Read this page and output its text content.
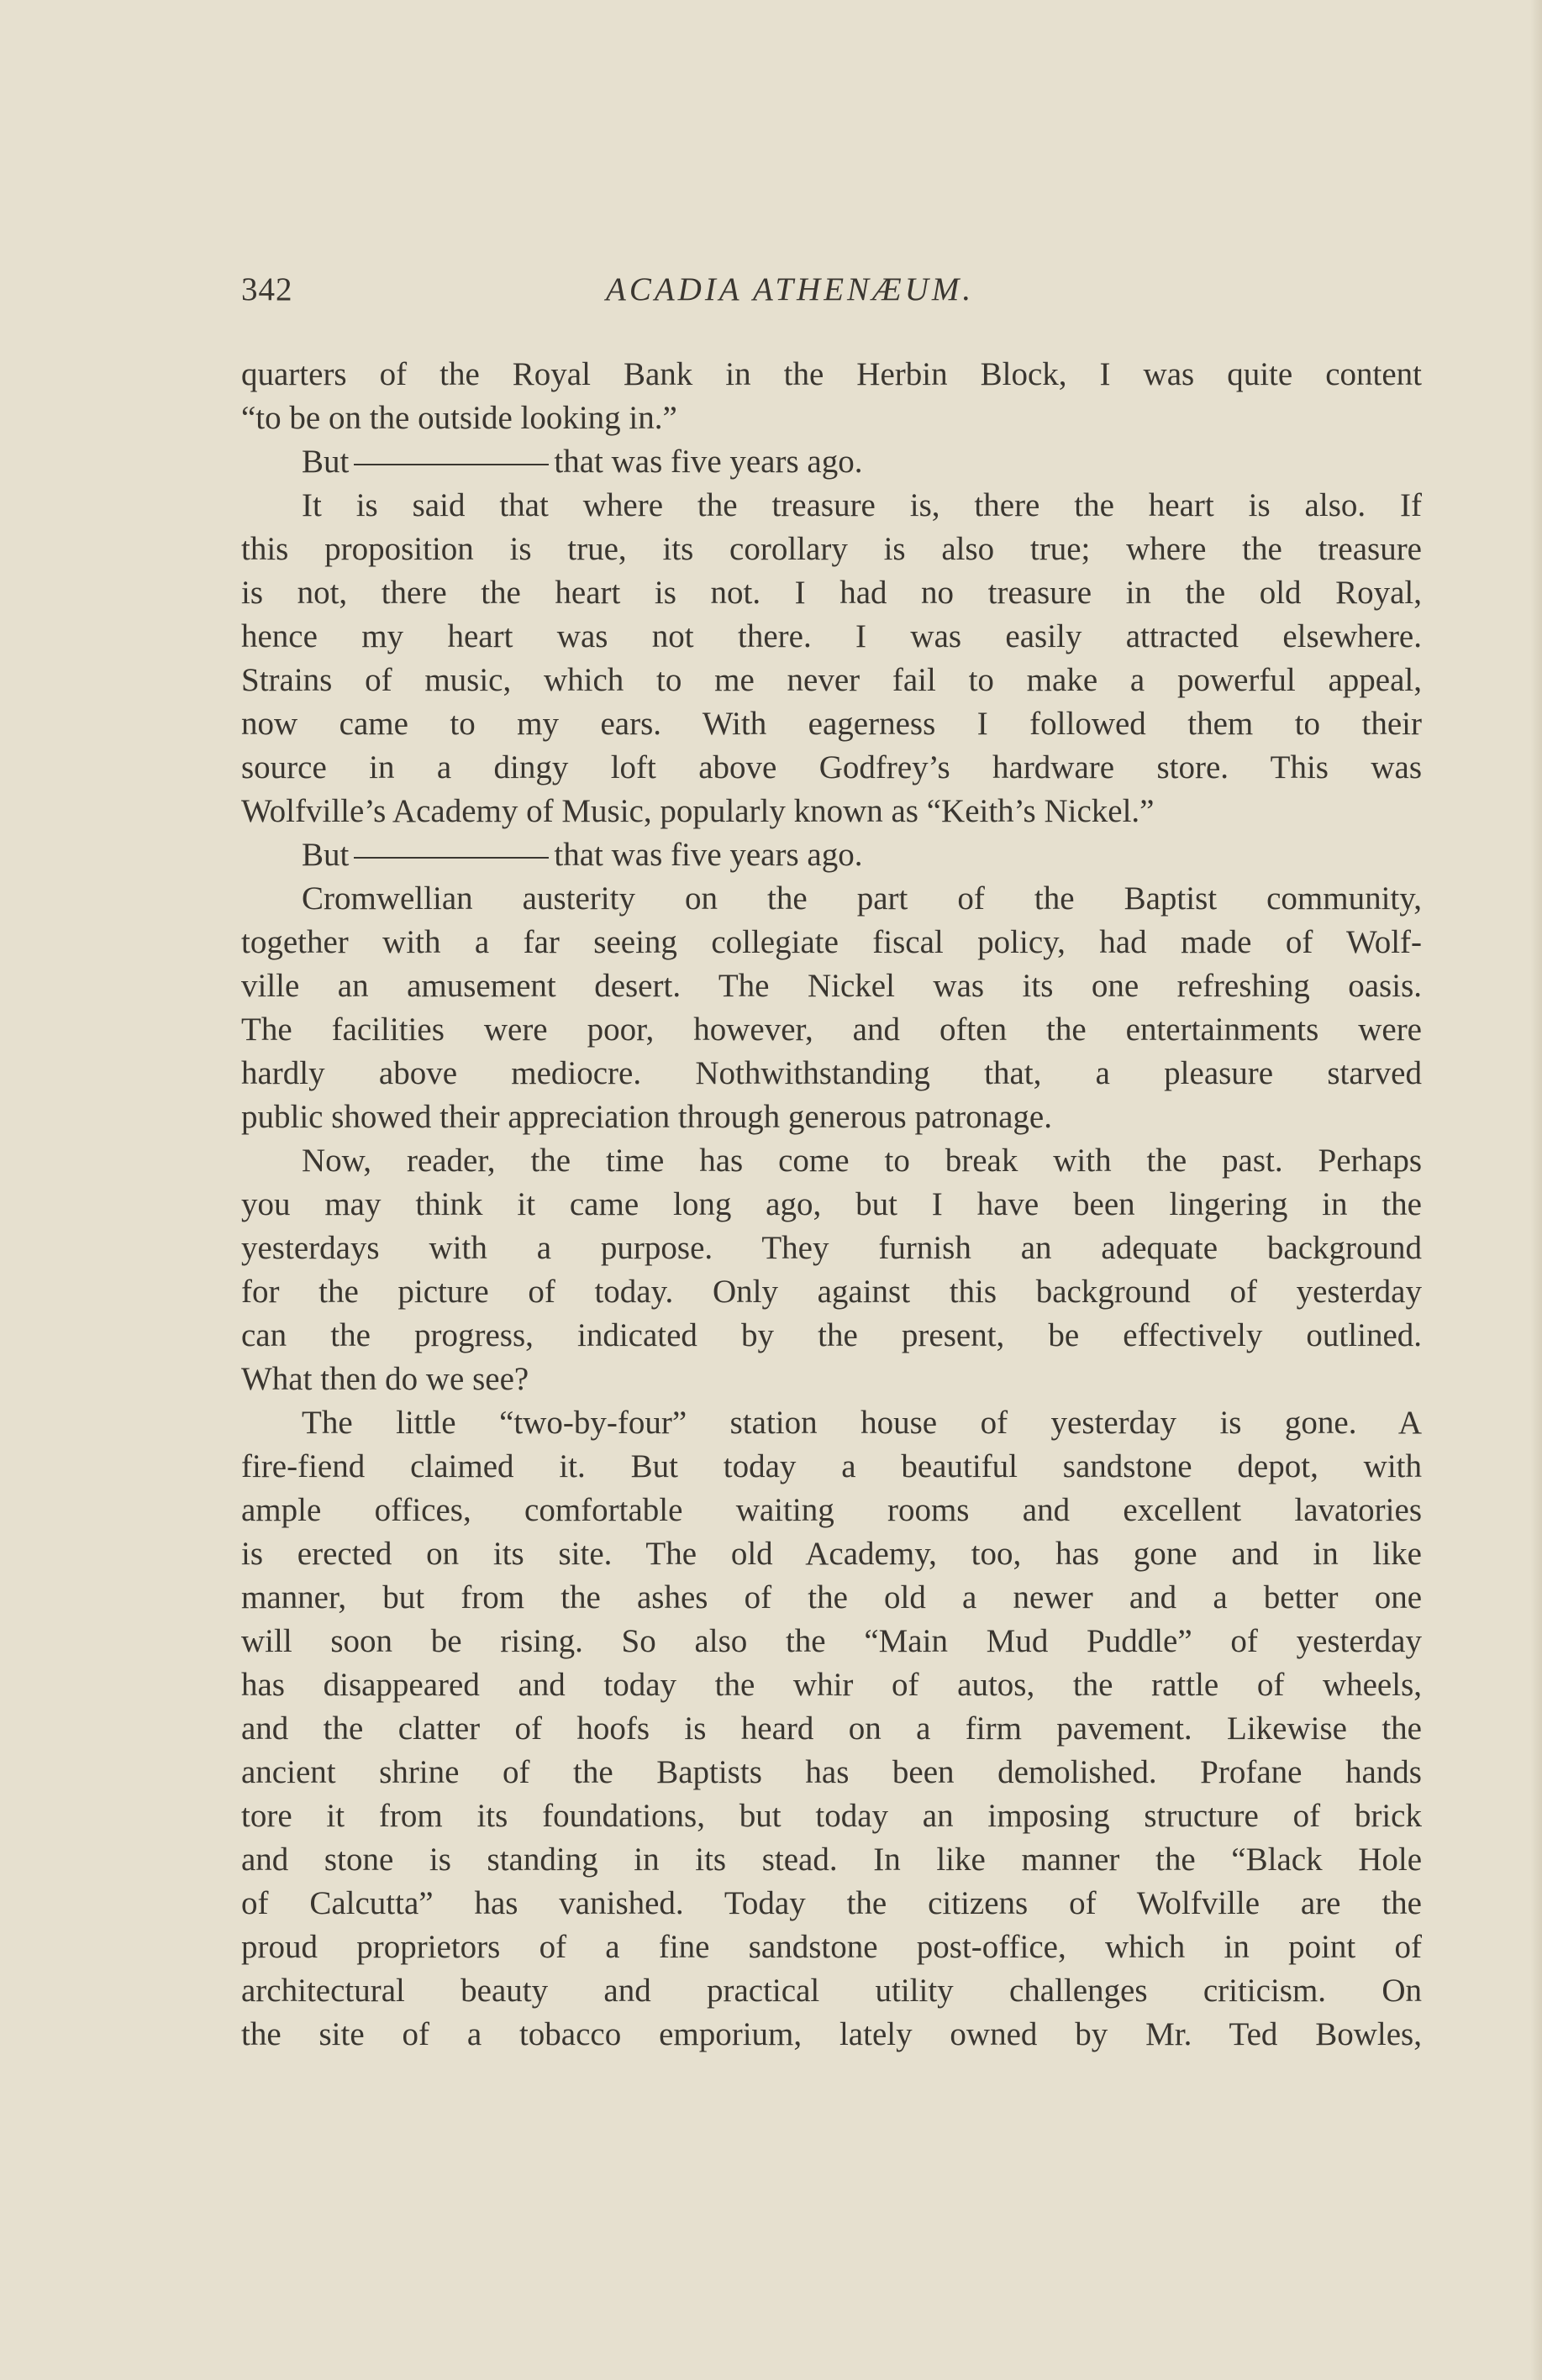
342	ACADIA ATHENÆUM.
quarters of the Royal Bank in the Herbin Block, I was quite content
“to be on the outside looking in.”
But	that was five years ago.
It is said that where the treasure is, there the heart is also. If
this proposition is true, its corollary is also true; where the treasure
is not, there the heart is not. I had no treasure in the old Royal,
hence my heart was not there. I was easily attracted elsewhere.
Strains of music, which to me never fail to make a powerful appeal,
now came to my ears. With eagerness I followed them to their
source in a dingy loft above Godfrey’s hardware store. This was
Wolfville’s Academy of Music, popularly known as “Keith’s Nickel.”
But	that was five years ago.
Cromwellian austerity on the part of the Baptist community,
together with a far seeing collegiate fiscal policy, had made of Wolf-
ville an amusement desert. The Nickel was its one refreshing oasis.
The facilities were poor, however, and often the entertainments were
hardly above mediocre. Nothwithstanding that, a pleasure starved
public showed their appreciation through generous patronage.
Now, reader, the time has come to break with the past. Perhaps
you may think it came long ago, but I have been lingering in the
yesterdays with a purpose. They furnish an adequate background
for the picture of today. Only against this background of yesterday
can the progress, indicated by the present, be effectively outlined.
What then do we see?
The little “two-by-four” station house of yesterday is gone. A
fire-fiend claimed it. But today a beautiful sandstone depot, with
ample offices, comfortable waiting rooms and excellent lavatories
is erected on its site. The old Academy, too, has gone and in like
manner, but from the ashes of the old a newer and a better one
will soon be rising. So also the “Main Mud Puddle” of yesterday
has disappeared and today the whir of autos, the rattle of wheels,
and the clatter of hoofs is heard on a firm pavement. Likewise the
ancient shrine of the Baptists has been demolished. Profane hands
tore it from its foundations, but today an imposing structure of brick
and stone is standing in its stead. In like manner the “Black Hole
of Calcutta” has vanished. Today the citizens of Wolfville are the
proud proprietors of a fine sandstone post-office, which in point of
architectural beauty and practical utility challenges criticism. On
the site of a tobacco emporium, lately owned by Mr. Ted Bowles,
